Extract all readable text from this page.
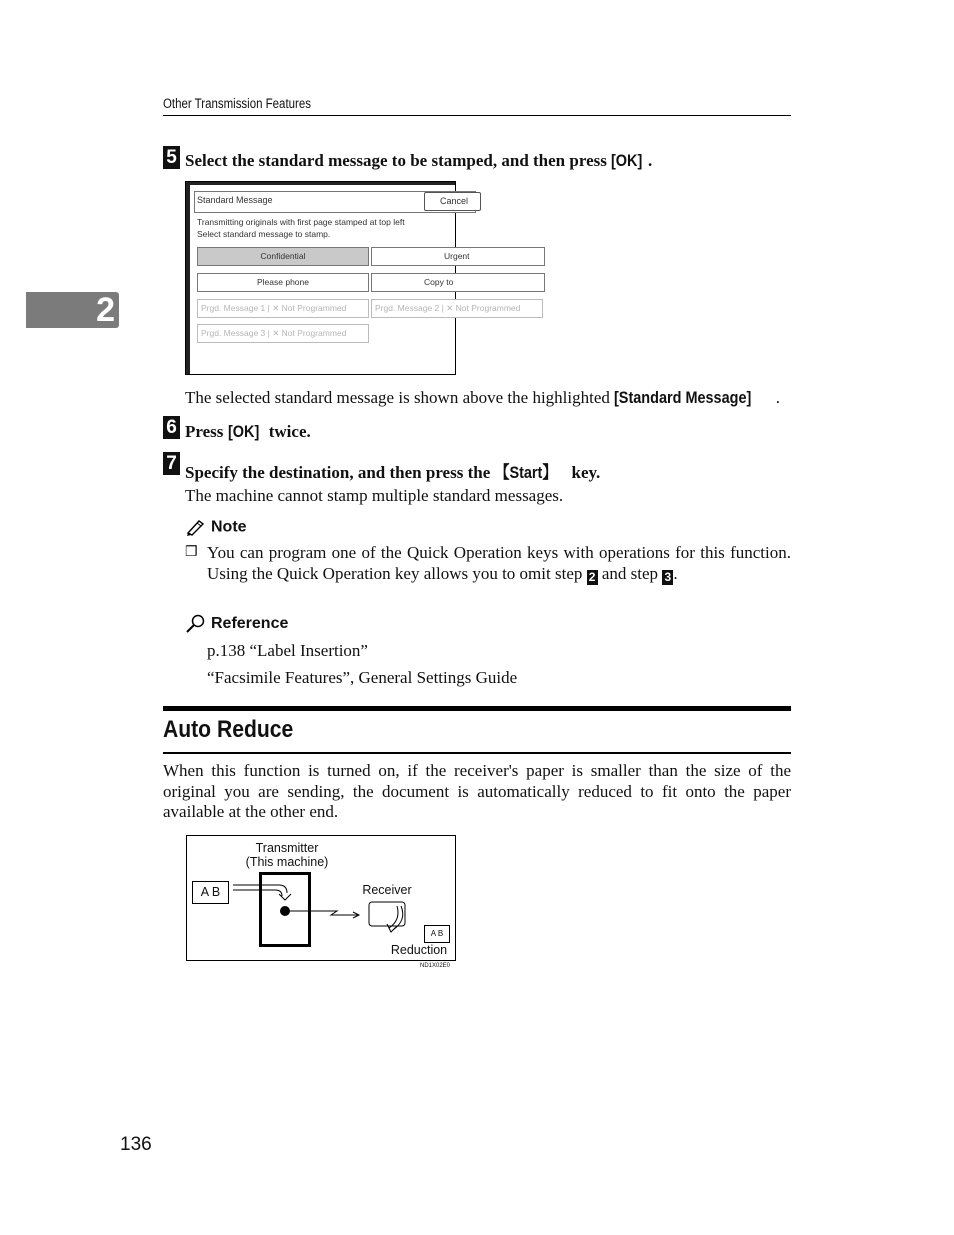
Other Transmission Features
2
5 Select the standard message to be stamped, and then press [OK] .
Standard Message	Cancel
Transmitting originals with first page stamped at top left
Select standard message to stamp.
Confidential	Urgent
Please phone	Copy to
Prgd. Message 1 | ✕ Not Programmed	Prgd. Message 2 | ✕ Not Programmed
Prgd. Message 3 | ✕ Not Programmed
The selected standard message is shown above the highlighted [Standard Message] .
6 Press [OK] twice.
7 Specify the destination, and then press the 【Start】 key.
The machine cannot stamp multiple standard messages.
Note
❒ You can program one of the Quick Operation keys with operations for this function. Using the Quick Operation key allows you to omit step 2 and step 3 .
Reference
p.138 “Label Insertion”
“Facsimile Features”, General Settings Guide
Auto Reduce
When this function is turned on, if the receiver's paper is smaller than the size of the original you are sending, the document is automatically reduced to fit onto the paper available at the other end.
Transmitter
(This machine)
A B	Receiver
A B
Reduction
ND1X02E0
136
